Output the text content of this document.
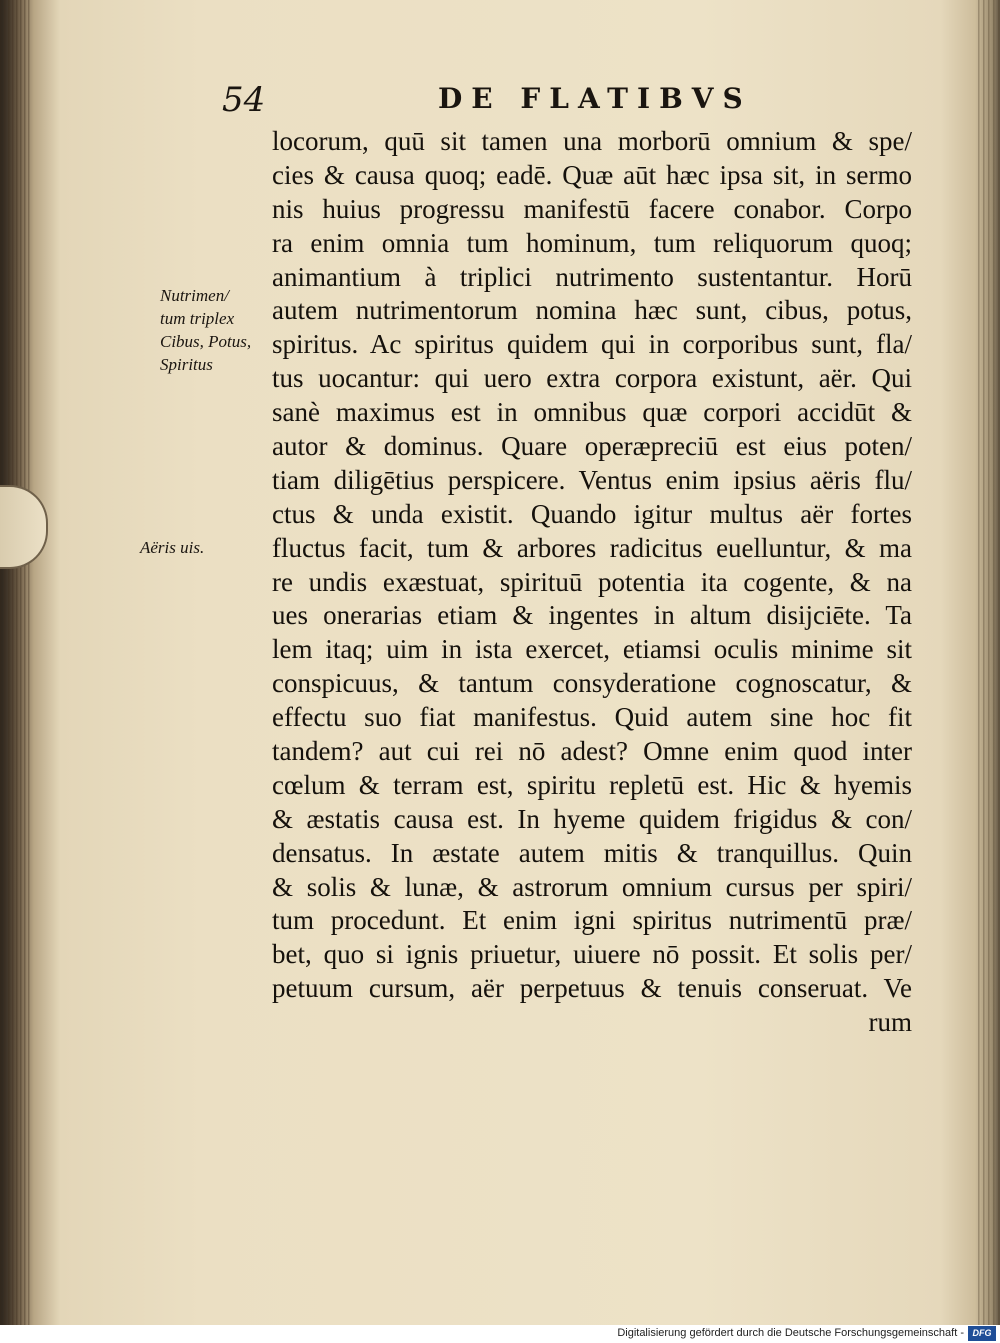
54	DE FLATIBVS
locorum, quū sit tamen una morborū omnium & spe/
cies & causa quoq; eadē. Quæ aūt hæc ipsa sit, in sermo
nis huius progressu manifestū facere conabor. Corpo
ra enim omnia tum hominum, tum reliquorum quoq;
animantium à triplici nutrimento sustentantur. Horū
autem nutrimentorum nomina hæc sunt, cibus, potus,
spiritus. Ac spiritus quidem qui in corporibus sunt, fla/
tus uocantur: qui uero extra corpora existunt, aër. Qui
sanè maximus est in omnibus quæ corpori accidūt &
autor & dominus. Quare operæpreciū est eius poten/
tiam diligētius perspicere. Ventus enim ipsius aëris flu/
ctus & unda existit. Quando igitur multus aër fortes
fluctus facit, tum & arbores radicitus euelluntur, & ma
re undis exæstuat, spirituū potentia ita cogente, & na
ues onerarias etiam & ingentes in altum disijciēte. Ta
lem itaq; uim in ista exercet, etiamsi oculis minime sit
conspicuus, & tantum consyderatione cognoscatur, &
effectu suo fiat manifestus. Quid autem sine hoc fit
tandem? aut cui rei nō adest? Omne enim quod inter
cœlum & terram est, spiritu repletū est. Hic & hyemis
& æstatis causa est. In hyeme quidem frigidus & con/
densatus. In æstate autem mitis & tranquillus. Quin
& solis & lunæ, & astrorum omnium cursus per spiri/
tum procedunt. Et enim igni spiritus nutrimentū præ/
bet, quo si ignis priuetur, uiuere nō possit. Et solis per/
petuum cursum, aër perpetuus & tenuis conseruat. Ve
rum
Nutrimen/
tum triplex
Cibus, Potus,
Spiritus
Aëris uis.
Digitalisierung gefördert durch die Deutsche Forschungsgemeinschaft - DFG
